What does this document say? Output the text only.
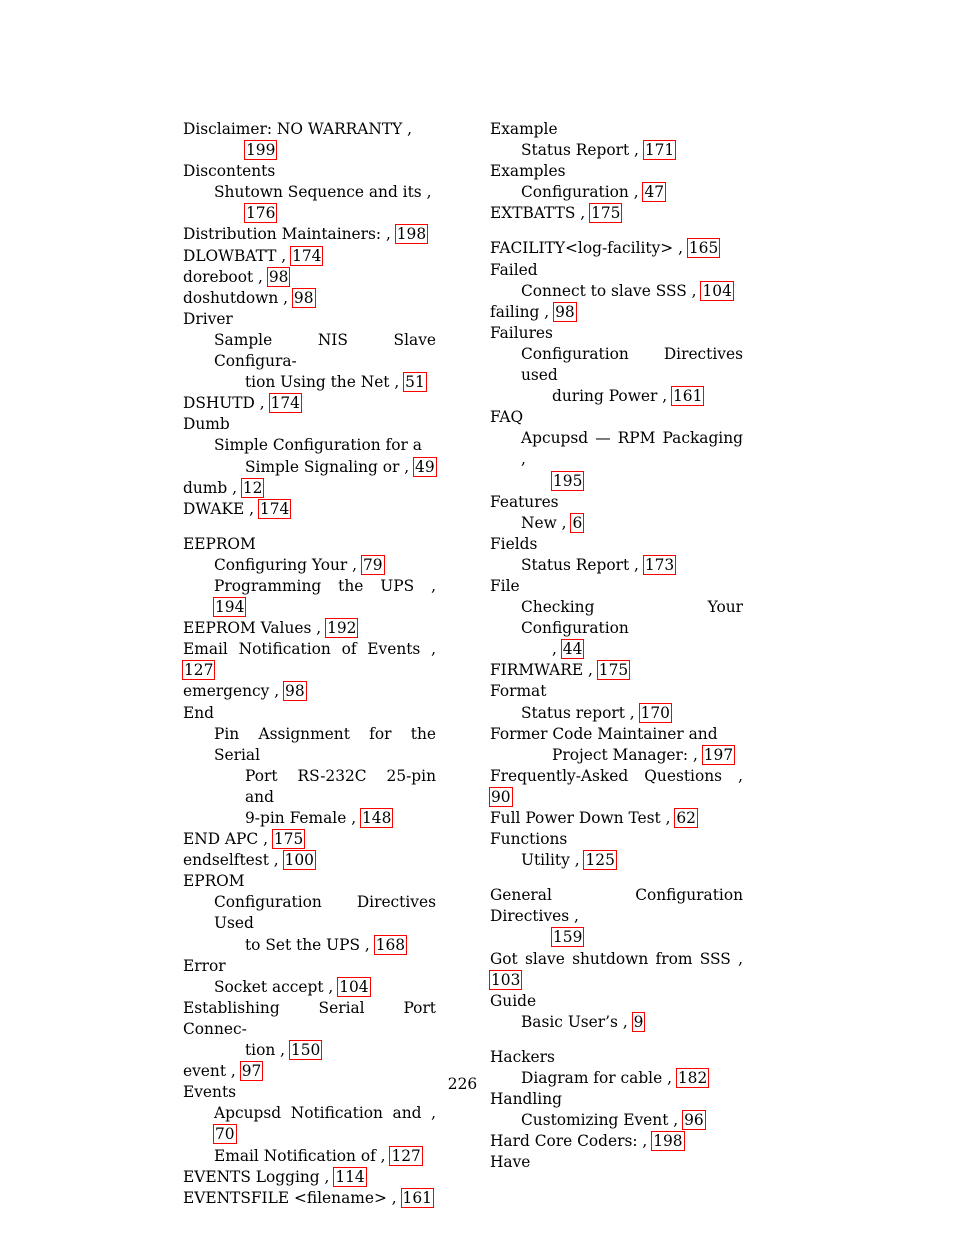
Disclaimer: NO WARRANTY ,
199
Discontents
Shutown Sequence and its ,
176
Distribution Maintainers: , 198
DLOWBATT , 174
doreboot , 98
doshutdown , 98
Driver
Sample NIS Slave Configura-
tion Using the Net , 51
DSHUTD , 174
Dumb
Simple Configuration for a
Simple Signaling or , 49
dumb , 12
DWAKE , 174
EEPROM
Configuring Your , 79
Programming the UPS , 194
EEPROM Values , 192
Email Notification of Events , 127
emergency , 98
End
Pin Assignment for the Serial
Port RS-232C 25-pin and
9-pin Female , 148
END APC , 175
endselftest , 100
EPROM
Configuration Directives Used
to Set the UPS , 168
Error
Socket accept , 104
Establishing Serial Port Connec-
tion , 150
event , 97
Events
Apcupsd Notification and , 70
Email Notification of , 127
EVENTS Logging , 114
EVENTSFILE <filename> , 161
Example
Status Report , 171
Examples
Configuration , 47
EXTBATTS , 175
FACILITY<log-facility> , 165
Failed
Connect to slave SSS , 104
failing , 98
Failures
Configuration Directives used
during Power , 161
FAQ
Apcupsd — RPM Packaging ,
195
Features
New , 6
Fields
Status Report , 173
File
Checking Your Configuration
, 44
FIRMWARE , 175
Format
Status report , 170
Former Code Maintainer and
Project Manager: , 197
Frequently-Asked Questions , 90
Full Power Down Test , 62
Functions
Utility , 125
General Configuration Directives ,
159
Got slave shutdown from SSS , 103
Guide
Basic User’s , 9
Hackers
Diagram for cable , 182
Handling
Customizing Event , 96
Hard Core Coders: , 198
Have
226
